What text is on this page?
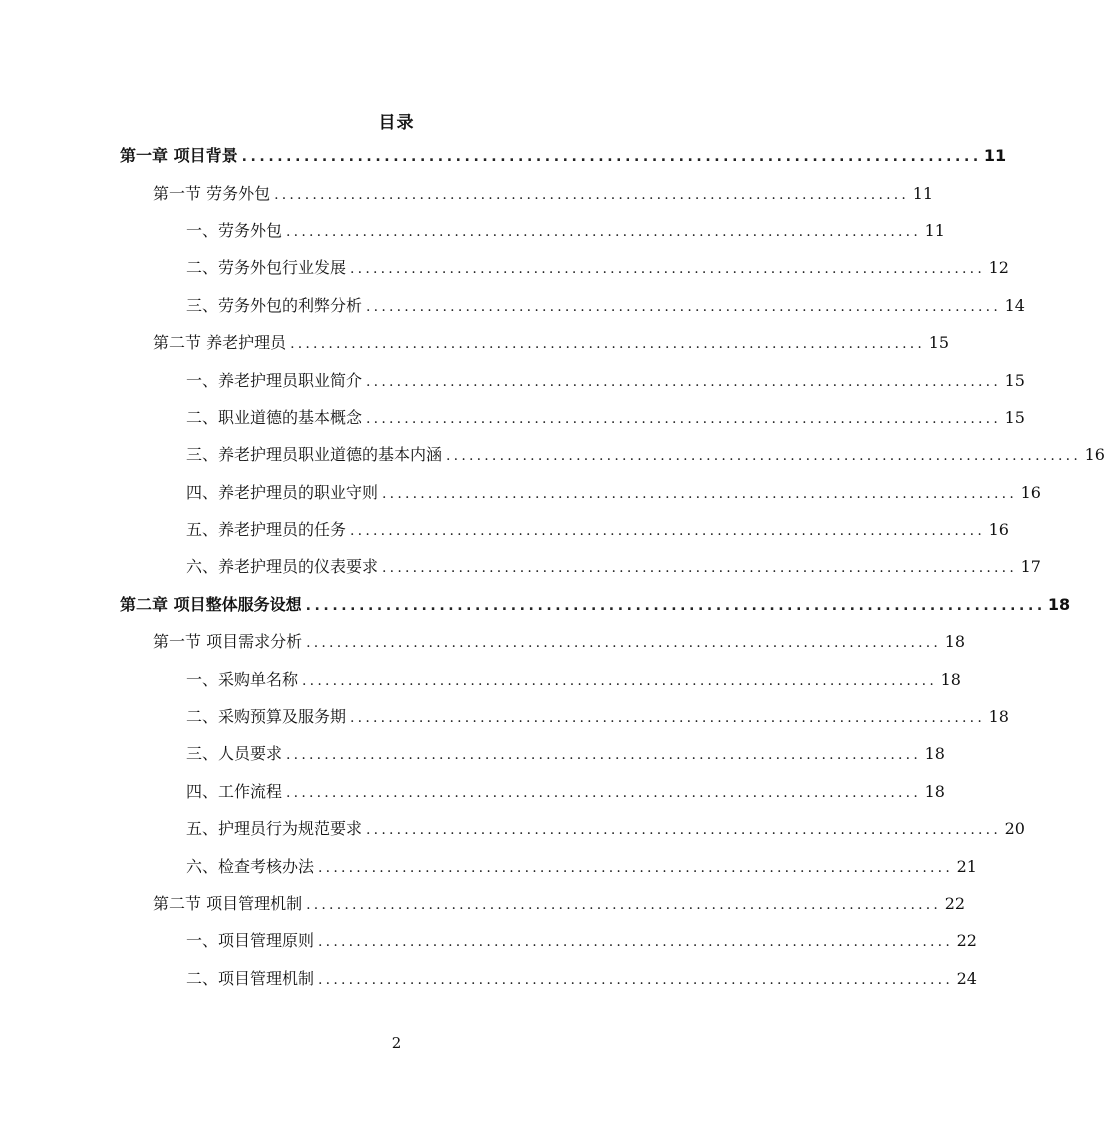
目录
第一章 项目背景 ................................................................................... 11
第一节 劳务外包 ................................................................................... 11
一、劳务外包 ................................................................................... 11
二、劳务外包行业发展 ................................................................................... 12
三、劳务外包的利弊分析 ................................................................................... 14
第二节 养老护理员 ................................................................................... 15
一、养老护理员职业简介 ................................................................................... 15
二、职业道德的基本概念 ................................................................................... 15
三、养老护理员职业道德的基本内涵 ................................................................................... 16
四、养老护理员的职业守则 ................................................................................... 16
五、养老护理员的任务 ................................................................................... 16
六、养老护理员的仪表要求 ................................................................................... 17
第二章 项目整体服务设想 ................................................................................... 18
第一节 项目需求分析 ................................................................................... 18
一、采购单名称 ................................................................................... 18
二、采购预算及服务期 ................................................................................... 18
三、人员要求 ................................................................................... 18
四、工作流程 ................................................................................... 18
五、护理员行为规范要求 ................................................................................... 20
六、检查考核办法 ................................................................................... 21
第二节 项目管理机制 ................................................................................... 22
一、项目管理原则 ................................................................................... 22
二、项目管理机制 ................................................................................... 24
2
